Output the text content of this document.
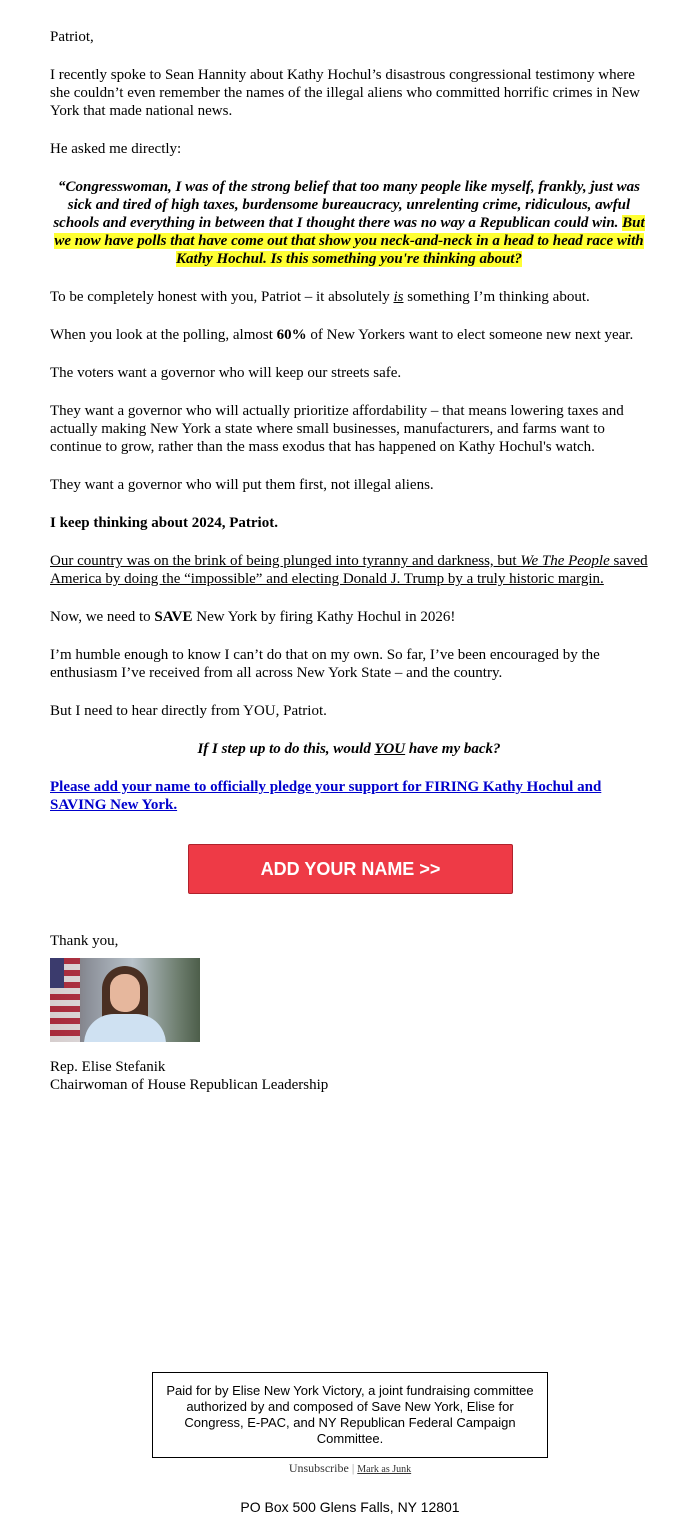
Patriot,

I recently spoke to Sean Hannity about Kathy Hochul’s disastrous congressional testimony where she couldn’t even remember the names of the illegal aliens who committed horrific crimes in New York that made national news.

He asked me directly:

“Congresswoman, I was of the strong belief that too many people like myself, frankly, just was sick and tired of high taxes, burdensome bureaucracy, unrelenting crime, ridiculous, awful schools and everything in between that I thought there was no way a Republican could win. But we now have polls that have come out that show you neck-and-neck in a head to head race with Kathy Hochul. Is this something you're thinking about?

To be completely honest with you, Patriot – it absolutely is something I’m thinking about.

When you look at the polling, almost 60% of New Yorkers want to elect someone new next year.

The voters want a governor who will keep our streets safe.

They want a governor who will actually prioritize affordability – that means lowering taxes and actually making New York a state where small businesses, manufacturers, and farms want to continue to grow, rather than the mass exodus that has happened on Kathy Hochul's watch.

They want a governor who will put them first, not illegal aliens.

I keep thinking about 2024, Patriot.

Our country was on the brink of being plunged into tyranny and darkness, but We The People saved America by doing the “impossible” and electing Donald J. Trump by a truly historic margin.

Now, we need to SAVE New York by firing Kathy Hochul in 2026!

I’m humble enough to know I can’t do that on my own. So far, I’ve been encouraged by the enthusiasm I’ve received from all across New York State – and the country.

But I need to hear directly from YOU, Patriot.

If I step up to do this, would YOU have my back?

Please add your name to officially pledge your support for FIRING Kathy Hochul and SAVING New York.

ADD YOUR NAME >>

Thank you,

Rep. Elise Stefanik

Chairwoman of House Republican Leadership

Paid for by Elise New York Victory, a joint fundraising committee authorized by and composed of Save New York, Elise for Congress, E-PAC, and NY Republican Federal Campaign Committee.
Unsubscribe | Mark as Junk
PO Box 500 Glens Falls, NY 12801
